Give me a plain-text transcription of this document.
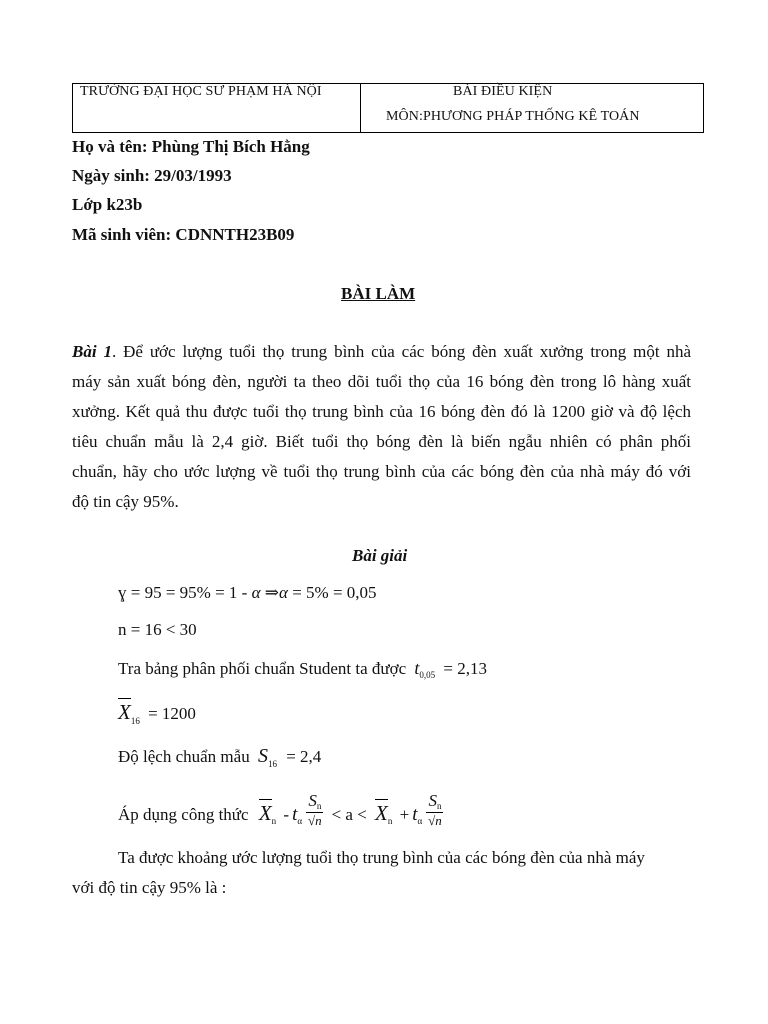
TRƯỜNG ĐẠI HỌC SƯ PHẠM HÀ NỘI	BÀI ĐIỀU KIỆN
MÔN:PHƯƠNG PHÁP THỐNG KÊ TOÁN
Họ và tên: Phùng Thị Bích Hằng
Ngày sinh: 29/03/1993
Lớp k23b
Mã sinh viên: CDNNTH23B09
BÀI LÀM

Bài 1. Để ước lượng tuổi thọ trung bình của các bóng đèn xuất xưởng trong một nhà

máy sản xuất bóng đèn, người ta theo dõi tuổi thọ của 16 bóng đèn trong lô hàng xuất

xưởng. Kết quả thu được tuổi thọ trung bình của 16 bóng đèn đó là 1200 giờ và độ lệch

tiêu chuẩn mẫu là 2,4 giờ. Biết tuổi thọ bóng đèn là biến ngẫu nhiên có phân phối

chuẩn, hãy cho ước lượng về tuổi thọ trung bình của các bóng đèn của nhà máy đó với

độ tin cậy 95%.

Bài giải
ɣ = 95 = 95% = 1 - α ⇒α = 5% = 0,05
n = 16 < 30
Tra bảng phân phối chuẩn Student ta được $t_{0,05} = 2,13$
$X_{16} = 1200$
Độ lệch chuẩn mẫu $S_{16} = 2,4$
Áp dụng công thức $X_n - t_\alpha \frac{Sn}{√n} < a < X_n + t_\alpha \frac{Sn}{√n}$
Ta được khoảng ước lượng tuổi thọ trung bình của các bóng đèn của nhà máy
với độ tin cậy 95% là :
